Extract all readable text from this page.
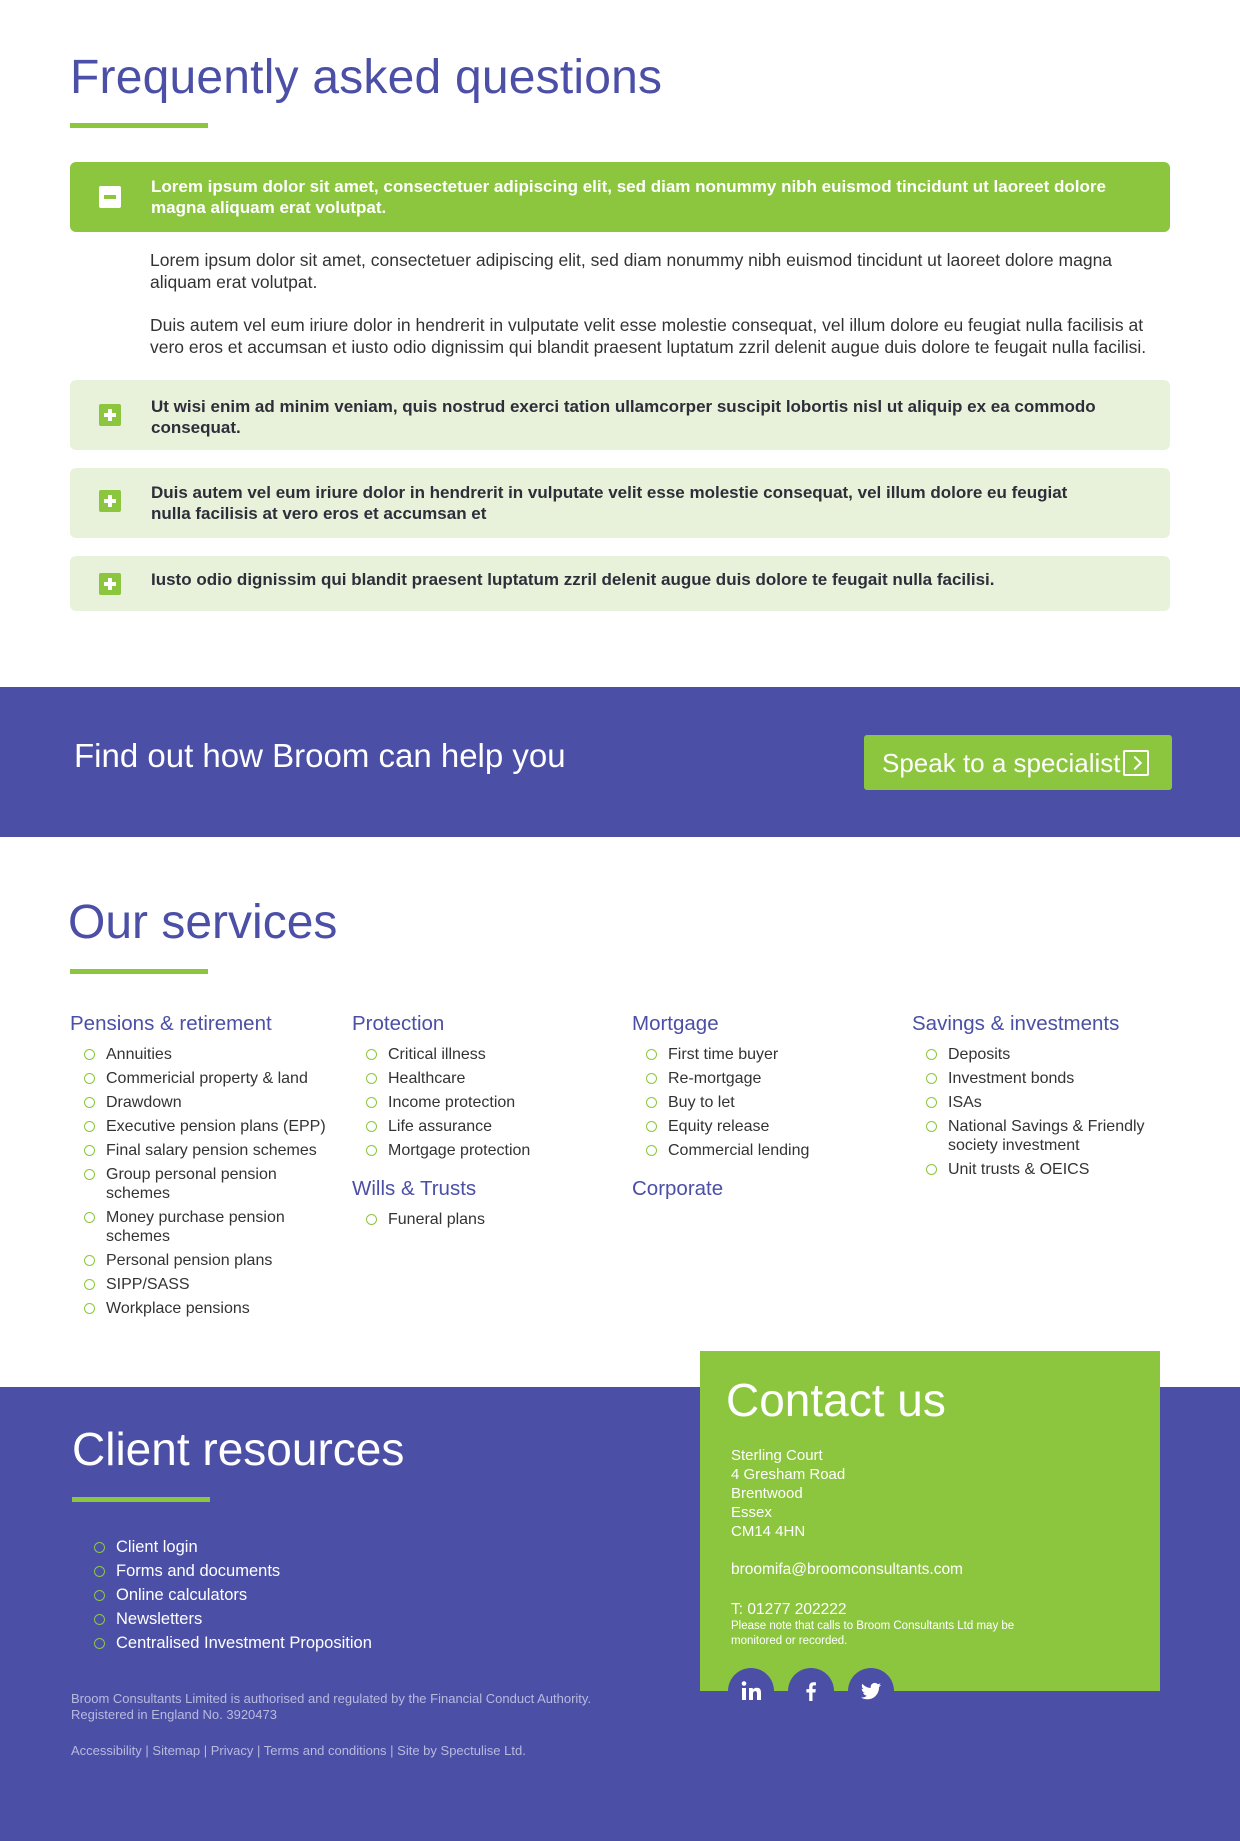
Frequently asked questions
Lorem ipsum dolor sit amet, consectetuer adipiscing elit, sed diam nonummy nibh euismod tincidunt ut laoreet dolore magna aliquam erat volutpat.

Lorem ipsum dolor sit amet, consectetuer adipiscing elit, sed diam nonummy nibh euismod tincidunt ut laoreet dolore magna aliquam erat volutpat.

Duis autem vel eum iriure dolor in hendrerit in vulputate velit esse molestie consequat, vel illum dolore eu feugiat nulla facilisis at vero eros et accumsan et iusto odio dignissim qui blandit praesent luptatum zzril delenit augue duis dolore te feugait nulla facilisi.

Ut wisi enim ad minim veniam, quis nostrud exerci tation ullamcorper suscipit lobortis nisl ut aliquip ex ea commodo consequat.
Duis autem vel eum iriure dolor in hendrerit in vulputate velit esse molestie consequat, vel illum dolore eu feugiat nulla facilisis at vero eros et accumsan et
Iusto odio dignissim qui blandit praesent luptatum zzril delenit augue duis dolore te feugait nulla facilisi.
Find out how Broom can help you	Speak to a specialist
Our services
Pensions & retirement
Annuities
Commericial property & land
Drawdown
Executive pension plans (EPP)
Final salary pension schemes
Group personal pension schemes
Money purchase pension schemes
Personal pension plans
SIPP/SASS
Workplace pensions
Protection
Critical illness
Healthcare
Income protection
Life assurance
Mortgage protection
Wills & Trusts
Funeral plans
Mortgage
First time buyer
Re-mortgage
Buy to let
Equity release
Commercial lending
Corporate
Savings & investments
Deposits
Investment bonds
ISAs
National Savings & Friendly society investment
Unit trusts & OEICS
Client resources
Client login
Forms and documents
Online calculators
Newsletters
Centralised Investment Proposition
Broom Consultants Limited is authorised and regulated by the Financial Conduct Authority.
Registered in England No. 3920473
Accessibility | Sitemap | Privacy | Terms and conditions | Site by Spectulise Ltd.
Contact us
Sterling Court
4 Gresham Road
Brentwood
Essex
CM14 4HN
broomifa@broomconsultants.com
T: 01277 202222
Please note that calls to Broom Consultants Ltd may be monitored or recorded.
